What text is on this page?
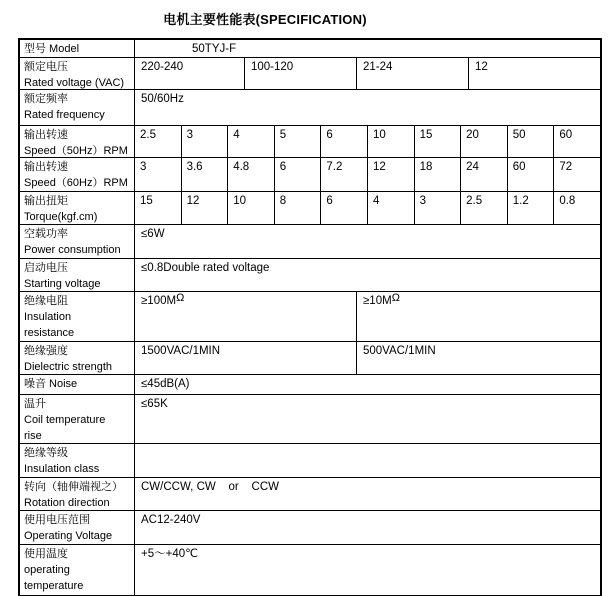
电机主要性能表(SPECIFICATION)
型号 Model	50TYJ-F
额定电压
Rated voltage (VAC)
220-240	100-120	21-24	12
额定频率
Rated frequency
50/60Hz
输出转速
Speed（50Hz）RPM
2.5	3	4	5	6	10	15	20	50	60
输出转速
Speed（60Hz）RPM
3	3.6	4.8	6	7.2	12	18	24	60	72
输出扭矩
Torque(kgf.cm)
15	12	10	8	6	4	3	2.5	1.2	0.8
空载功率
Power consumption
≤6W
启动电压
Starting voltage
≤0.8Double rated voltage
绝缘电阻
Insulation
resistance
≥100MΩ	≥10MΩ
绝缘强度
Dielectric strength
1500VAC/1MIN	500VAC/1MIN
噪音 Noise	≤45dB(A)
温升
Coil temperature
rise
≤65K
绝缘等级
Insulation class

转向（轴伸端视之）
Rotation direction
CW/CCW, CW    or    CCW
使用电压范围
Operating Voltage
AC12-240V
使用温度
operating
temperature
+5～+40℃
